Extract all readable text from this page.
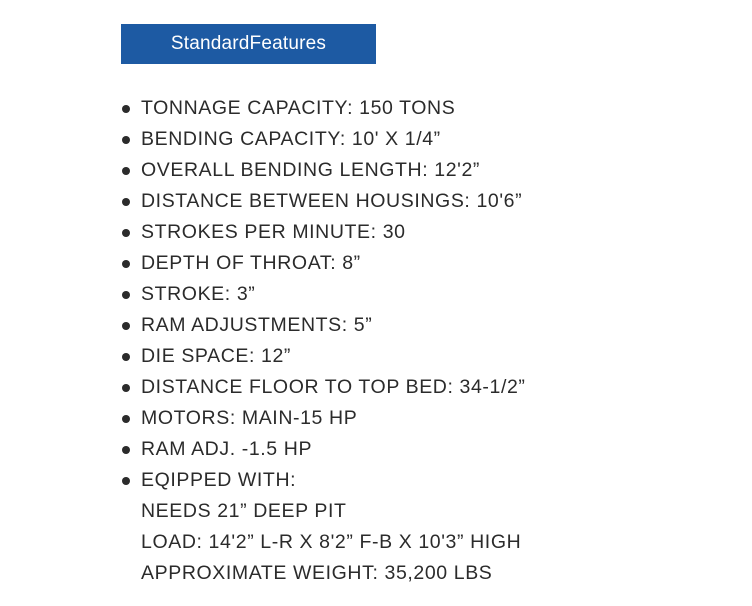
StandardFeatures
TONNAGE CAPACITY: 150 TONS
BENDING CAPACITY: 10' X 1/4”
OVERALL BENDING LENGTH: 12'2”
DISTANCE BETWEEN HOUSINGS: 10'6”
STROKES PER MINUTE: 30
DEPTH OF THROAT: 8”
STROKE: 3”
RAM ADJUSTMENTS: 5”
DIE SPACE: 12”
DISTANCE FLOOR TO TOP BED: 34-1/2”
MOTORS: MAIN-15 HP
RAM ADJ. -1.5 HP
EQIPPED WITH:
NEEDS 21” DEEP PIT
LOAD: 14'2” L-R X 8'2” F-B X 10'3” HIGH
APPROXIMATE WEIGHT: 35,200 LBS
